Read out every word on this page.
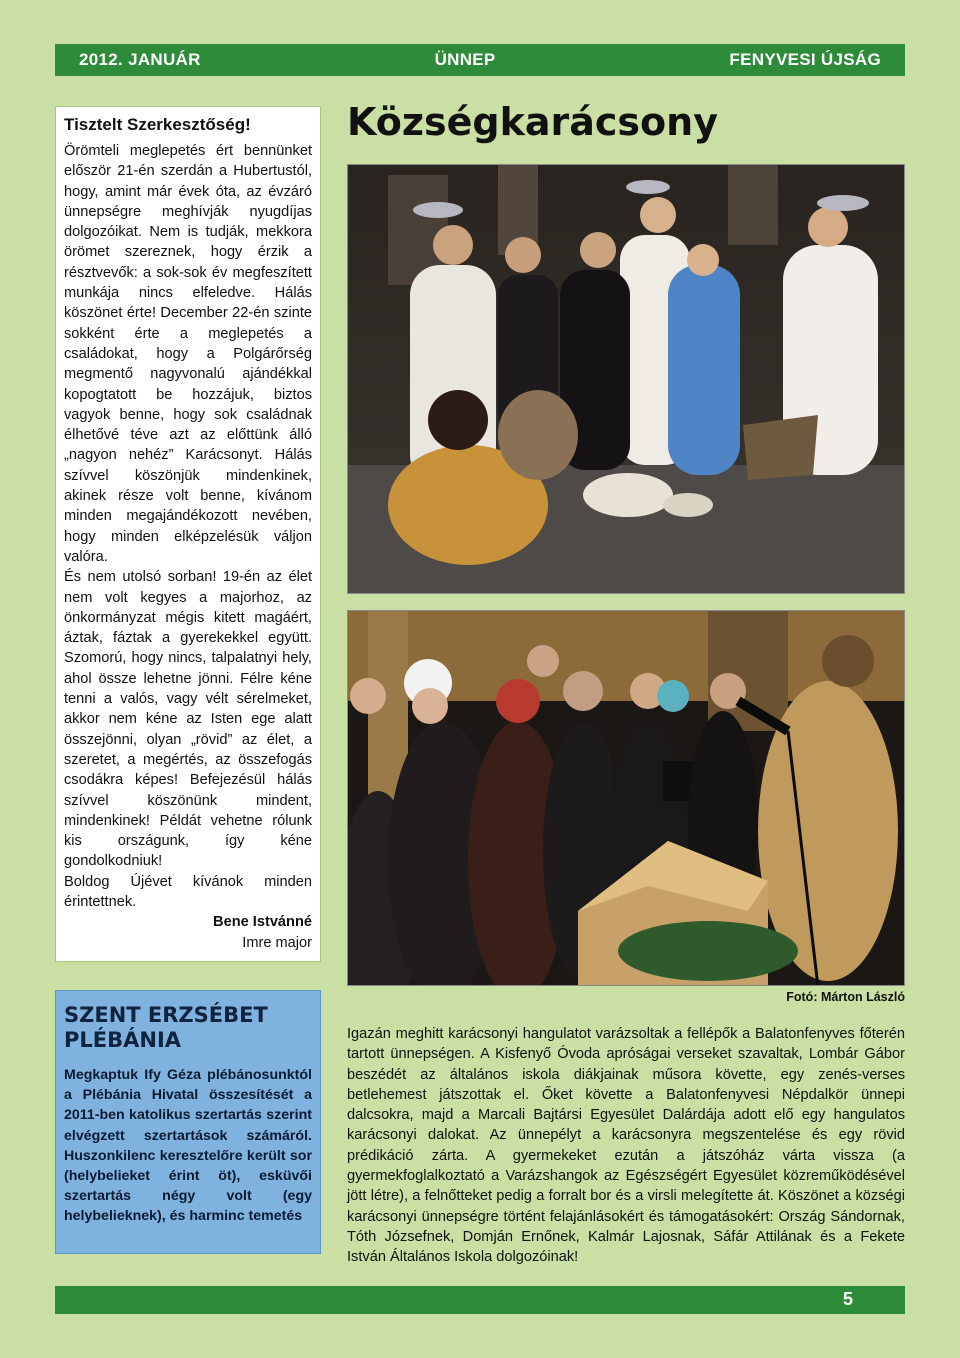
2012. JANUÁR	ÜNNEP	FENYVESI ÚJSÁG
Tisztelt Szerkesztőség!

Örömteli meglepetés ért bennünket először 21-én szerdán a Hubertustól, hogy, amint már évek óta, az évzáró ünnepségre meghívják nyugdíjas dolgozóikat. Nem is tudják, mekkora örömet szereznek, hogy érzik a résztvevők: a sok-sok év megfeszített munkája nincs elfeledve. Hálás köszönet érte! December 22-én szinte sokként érte a meglepetés a családokat, hogy a Polgárőrség megmentő nagyvonalú ajándékkal kopogtatott be hozzájuk, biztos vagyok benne, hogy sok családnak élhetővé téve azt az előttünk álló „nagyon nehéz” Karácsonyt. Hálás szívvel köszönjük mindenkinek, akinek része volt benne, kívánom minden megajándékozott nevében, hogy minden elképzelésük váljon valóra.

És nem utolsó sorban! 19-én az élet nem volt kegyes a majorhoz, az önkormányzat mégis kitett magáért, áztak, fáztak a gyerekekkel együtt. Szomorú, hogy nincs, talpalatnyi hely, ahol össze lehetne jönni. Félre kéne tenni a valós, vagy vélt sérelmeket, akkor nem kéne az Isten ege alatt összejönni, olyan „rövid” az élet, a szeretet, a megértés, az összefogás csodákra képes! Befejezésül hálás szívvel köszönünk mindent, mindenkinek! Példát vehetne rólunk kis országunk, így kéne gondolkodniuk!

Boldog Újévet kívánok minden érintettnek.

Bene Istvánné
Imre major
SZENT ERZSÉBET PLÉBÁNIA

Megkaptuk Ify Géza plébánosunktól a Plébánia Hivatal összesítését a 2011-ben katolikus szertartás szerint elvégzett szertartások számáról. Huszonkilenc keresztelőre került sor (helybelieket érint öt), esküvői szertartás négy volt (egy helybelieknek), és harminc temetés

Községkarácsony
Fotó: Márton László

Igazán meghitt karácsonyi hangulatot varázsoltak a fellépők a Balatonfenyves főterén tartott ünnepségen. A Kisfenyő Óvoda apróságai verseket szavaltak, Lombár Gábor beszédét az általános iskola diákjainak műsora követte, egy zenés-verses betlehemest játszottak el. Őket követte a Balatonfenyvesi Népdalkör ünnepi dalcsokra, majd a Marcali Bajtársi Egyesület Dalárdája adott elő egy hangulatos karácsonyi dalokat. Az ünnepélyt a karácsonyra megszentelése és egy rövid prédikáció zárta. A gyermekeket ezután a játszóház várta vissza (a gyermekfoglalkoztató a Varázshangok az Egészségért Egyesület közreműködésével jött létre), a felnőtteket pedig a forralt bor és a virsli melegítette át. Köszönet a községi karácsonyi ünnepségre történt felajánlásokért és támogatásokért: Ország Sándornak, Tóth Józsefnek, Domján Ernőnek, Kalmár Lajosnak, Sáfár Attilának és a Fekete István Általános Iskola dolgozóinak!

5
